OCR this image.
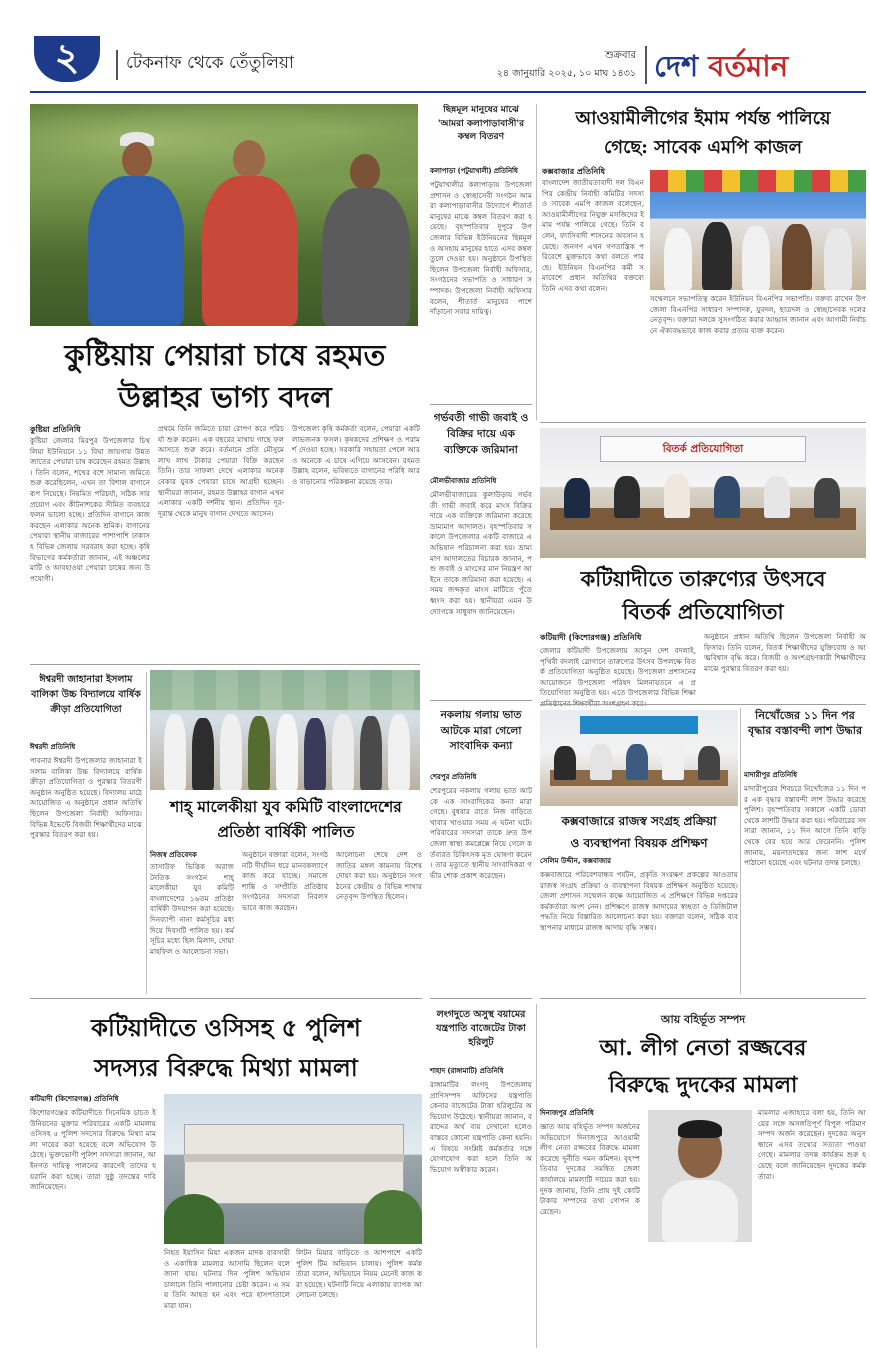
২	টেকনাফ থেকে তেঁতুলিয়া	শুক্রবার
২৪ জানুয়ারি ২০২৫, ১০ মাঘ ১৪৩১ দেশ বর্তমান
কুষ্টিয়ায় পেয়ারা চাষে রহমত
উল্লাহর ভাগ্য বদল
কুষ্টিয়া প্রতিনিধি
কুষ্টিয়া জেলার মিরপুর উপজেলার চিথলিয়া ইউনিয়নে ১১ বিঘা জায়গায় উন্নত জাতের পেয়ারা চাষ করেছেন রহমত উল্লাহ। তিনি বলেন, শখের বশে সামান্য জমিতে শুরু করেছিলেন, এখন তা বিশাল বাগানে রূপ নিয়েছে। নিয়মিত পরিচর্যা, সঠিক সার প্রয়োগ এবং কীটনাশকের সীমিত ব্যবহারে ফলন ভালো হচ্ছে। প্রতিদিন বাগানে কাজ করছেন এলাকার অনেক শ্রমিক। বাগানের পেয়ারা স্থানীয় বাজারের পাশাপাশি ঢাকাসহ বিভিন্ন জেলায় সরবরাহ করা হচ্ছে। কৃষি বিভাগের কর্মকর্তারা জানান, এই অঞ্চলের মাটি ও আবহাওয়া পেয়ারা চাষের জন্য উপযোগী।
প্রথমে তিনি জমিতে চারা রোপণ করে পরিচর্যা শুরু করেন। এক বছরের মাথায় গাছে ফল আসতে শুরু করে। বর্তমানে প্রতি মৌসুমে লাখ লাখ টাকার পেয়ারা বিক্রি করছেন তিনি। তার সাফল্য দেখে এলাকার অনেক বেকার যুবক পেয়ারা চাষে আগ্রহী হচ্ছেন। স্থানীয়রা জানান, রহমত উল্লাহর বাগান এখন এলাকার একটি দর্শনীয় স্থান। প্রতিদিন দূর-দূরান্ত থেকে মানুষ বাগান দেখতে আসেন।
উপজেলা কৃষি কর্মকর্তা বলেন, পেয়ারা একটি লাভজনক ফসল। কৃষকদের প্রশিক্ষণ ও পরামর্শ দেওয়া হচ্ছে। সরকারি সহায়তা পেলে আরও অনেকে এ চাষে এগিয়ে আসবেন। রহমত উল্লাহ বলেন, ভবিষ্যতে বাগানের পরিধি আরও বাড়ানোর পরিকল্পনা রয়েছে তার।
ছিন্নমূল মানুষের মাঝে 'আমরা কলাপাড়াবাসী'র কম্বল বিতরণ
কলাপাড়া (পটুয়াখালী) প্রতিনিধি
পটুয়াখালীর কলাপাড়ায় উপজেলা প্রশাসন ও স্বেচ্ছাসেবী সংগঠন আমরা কলাপাড়াবাসীর উদ্যোগে শীতার্ত মানুষের মাঝে কম্বল বিতরণ করা হয়েছে। বৃহস্পতিবার দুপুরে উপজেলার বিভিন্ন ইউনিয়নের ছিন্নমূল ও অসহায় মানুষের হাতে এসব কম্বল তুলে দেওয়া হয়। অনুষ্ঠানে উপস্থিত ছিলেন উপজেলা নির্বাহী অফিসার, সংগঠনের সভাপতি ও সাধারণ সম্পাদক। উপজেলা নির্বাহী অফিসার বলেন, শীতার্ত মানুষের পাশে দাঁড়ানো সবার দায়িত্ব।
গর্ভবতী গাভী জবাই ও বিক্রির দায়ে এক ব্যক্তিকে জরিমানা
মৌলভীবাজার প্রতিনিধি
মৌলভীবাজারের কুলাউড়ায় গর্ভবতী গাভী জবাই করে মাংস বিক্রির দায়ে এক ব্যক্তিকে জরিমানা করেছে ভ্রাম্যমাণ আদালত। বৃহস্পতিবার সকালে উপজেলার একটি বাজারে এ অভিযান পরিচালনা করা হয়। ভ্রাম্যমাণ আদালতের বিচারক জানান, পশু জবাই ও মাংসের মান নিয়ন্ত্রণ আইনে তাকে জরিমানা করা হয়েছে। এ সময় জব্দকৃত মাংস মাটিতে পুঁতে ধ্বংস করা হয়। স্থানীয়রা এমন উদ্যোগকে সাধুবাদ জানিয়েছেন।
আওয়ামীলীগের ইমাম পর্যন্ত পালিয়ে
গেছে: সাবেক এমপি কাজল
কক্সবাজার প্রতিনিধি
বাংলাদেশ জাতীয়তাবাদী দল বিএনপির কেন্দ্রীয় নির্বাহী কমিটির সদস্য ও সাবেক এমপি কাজল বলেছেন, আওয়ামীলীগের নিযুক্ত মসজিদের ইমাম পর্যন্ত পালিয়ে গেছে। তিনি বলেন, ফ্যাসিবাদী শাসনের অবসান হয়েছে। জনগণ এখন গণতান্ত্রিক পরিবেশে মুক্তভাবে কথা বলতে পারছে। ইউনিয়ন বিএনপির কর্মী সমাবেশে প্রধান অতিথির বক্তব্যে তিনি এসব কথা বলেন।
সম্মেলনে সভাপতিত্ব করেন ইউনিয়ন বিএনপির সভাপতি। বক্তব্য রাখেন উপজেলা বিএনপির সাধারণ সম্পাদক, যুবদল, ছাত্রদল ও স্বেচ্ছাসেবক দলের নেতৃবৃন্দ। বক্তারা দলকে সুসংগঠিত করার আহ্বান জানান এবং আগামী নির্বাচনে ঐক্যবদ্ধভাবে কাজ করার প্রত্যয় ব্যক্ত করেন।
বিতর্ক প্রতিযোগিতা
কটিয়াদীতে তারুণ্যের উৎসবে
বিতর্ক প্রতিযোগিতা
কটিয়াদী (কিশোরগঞ্জ) প্রতিনিধি
জেলার কটিয়াদী উপজেলায় আসুন দেশ বদলাই, পৃথিবী বদলাই স্লোগানে তারুণ্যের উৎসব উপলক্ষে বিতর্ক প্রতিযোগিতা অনুষ্ঠিত হয়েছে। উপজেলা প্রশাসনের আয়োজনে উপজেলা পরিষদ মিলনায়তনে এ প্রতিযোগিতা অনুষ্ঠিত হয়। এতে উপজেলার বিভিন্ন শিক্ষা
অনুষ্ঠানে প্রধান অতিথি ছিলেন উপজেলা নির্বাহী অফিসার। তিনি বলেন, বিতর্ক শিক্ষার্থীদের যুক্তিবোধ ও আত্মবিশ্বাস বৃদ্ধি করে। বিজয়ী ও অংশগ্রহণকারী শিক্ষার্থীদের মাঝে পুরস্কার বিতরণ করা হয়।
ঈশ্বরদী জাহানারা ইসলাম বালিকা উচ্চ বিদ্যালয়ে বার্ষিক ক্রীড়া প্রতিযোগিতা
ঈশ্বরদী প্রতিনিধি
পাবনার ঈশ্বরদী উপজেলার জাহানারা ইসলাম বালিকা উচ্চ বিদ্যালয়ে বার্ষিক ক্রীড়া প্রতিযোগিতা ও পুরস্কার বিতরণী অনুষ্ঠান অনুষ্ঠিত হয়েছে। বিদ্যালয় মাঠে আয়োজিত এ অনুষ্ঠানে প্রধান অতিথি ছিলেন উপজেলা নির্বাহী অফিসার। বিভিন্ন ইভেন্টে বিজয়ী শিক্ষার্থীদের মাঝে পুরস্কার বিতরণ করা হয়।
শাহ্ মালেকীয়া যুব কমিটি বাংলাদেশের
প্রতিষ্ঠা বার্ষিকী পালিত
নিজস্ব প্রতিবেদক
তাসাউফ ভিত্তিক অরাজনৈতিক সংগঠন শাহ্ মালেকীয়া যুব কমিটি বাংলাদেশের ১৬তম প্রতিষ্ঠা বার্ষিকী উদযাপন করা হয়েছে। দিনব্যাপী নানা কর্মসূচির মধ্য দিয়ে দিবসটি পালিত হয়। কর্মসূচির মধ্যে ছিল মিলাদ, দোয়া মাহফিল ও আলোচনা সভা।
অনুষ্ঠানে বক্তারা বলেন, সংগঠনটি দীর্ঘদিন ধরে মানবকল্যাণে কাজ করে যাচ্ছে। সমাজে শান্তি ও সম্প্রীতি প্রতিষ্ঠায় সংগঠনের সদস্যরা নিরলসভাবে কাজ করছেন।
আলোচনা শেষে দেশ ও জাতির মঙ্গল কামনায় বিশেষ দোয়া করা হয়। অনুষ্ঠানে সংগঠনের কেন্দ্রীয় ও বিভিন্ন শাখার নেতৃবৃন্দ উপস্থিত ছিলেন।
নকলায় গলায় ভাত আটকে মারা গেলো সাংবাদিক কন্যা
শেরপুর প্রতিনিধি
শেরপুরের নকলায় গলায় ভাত আটকে এক সাংবাদিকের কন্যা মারা গেছে। বুধবার রাতে নিজ বাড়িতে খাবার খাওয়ার সময় এ ঘটনা ঘটে। পরিবারের সদস্যরা তাকে দ্রুত উপজেলা স্বাস্থ্য কমপ্লেক্সে নিয়ে গেলে কর্তব্যরত চিকিৎসক মৃত ঘোষণা করেন। তার মৃত্যুতে স্থানীয় সাংবাদিকরা গভীর শোক প্রকাশ করেছেন।
নিখোঁজের ১১ দিন পর বৃদ্ধার বস্তাবন্দী লাশ উদ্ধার
মাদারীপুর প্রতিনিধি
মাদারীপুরের শিবচরে নিখোঁজের ১১ দিন পর এক বৃদ্ধার বস্তাবন্দী লাশ উদ্ধার করেছে পুলিশ। বৃহস্পতিবার সকালে একটি ডোবা থেকে লাশটি উদ্ধার করা হয়। পরিবারের সদস্যরা জানান, ১১ দিন আগে তিনি বাড়ি থেকে বের হয়ে আর ফেরেননি। পুলিশ জানায়, ময়নাতদন্তের জন্য লাশ মর্গে পাঠানো হয়েছে এবং ঘটনার তদন্ত চলছে।
কক্সবাজারে রাজস্ব সংগ্রহ প্রক্রিয়া
ও ব্যবস্থাপনা বিষয়ক প্রশিক্ষণ
সেলিম উদ্দীন, কক্সবাজার
কক্সবাজারে পরিবেশবান্ধব পর্যটন, প্রকৃতি সংরক্ষণ প্রকল্পের আওতায় রাজস্ব সংগ্রহ প্রক্রিয়া ও ব্যবস্থাপনা বিষয়ক প্রশিক্ষণ অনুষ্ঠিত হয়েছে। জেলা প্রশাসন সম্মেলন কক্ষে আয়োজিত এ প্রশিক্ষণে বিভিন্ন দপ্তরের কর্মকর্তারা অংশ নেন। প্রশিক্ষণে রাজস্ব আদায়ের স্বচ্ছতা ও ডিজিটাল পদ্ধতি নিয়ে বিস্তারিত আলোচনা করা হয়। বক্তারা বলেন, সঠিক ব্যবস্থাপনার মাধ্যমে রাজস্ব আদায় বৃদ্ধি সম্ভব।
কটিয়াদীতে ওসিসহ ৫ পুলিশ
সদস্যর বিরুদ্ধে মিথ্যা মামলা
কটিয়াদী (কিশোরগঞ্জ) প্রতিনিধি
কিশোরগঞ্জের কটিয়াদীতে সিনেমিক চাচত ইউনিয়নের মুক্তার পরিবারের একটি মামলায় ওসিসহ ৫ পুলিশ সদস্যের বিরুদ্ধে মিথ্যা মামলা দায়ের করা হয়েছে বলে অভিযোগ উঠেছে। ভুক্তভোগী পুলিশ সদস্যরা জানান, আইনগত দায়িত্ব পালনের কারণেই তাদের হয়রানি করা হচ্ছে। তারা সুষ্ঠু তদন্তের দাবি জানিয়েছেন।
নিহত ইয়াসিন মিয়া একজন মাদক ব্যবসায়ী ও একাধিক মামলার আসামি ছিলেন বলে জানা যায়। ঘটনার দিন পুলিশ অভিযান চালালে তিনি পালানোর চেষ্টা করেন। এ সময় তিনি আহত হন এবং পরে হাসপাতালে মারা যান।
লিটন মিয়ার বাড়িতে ও আশপাশে একটি পুলিশ টিম অভিযান চালায়। পুলিশ কর্মকর্তারা বলেন, অভিযানে নিয়ম মেনেই কাজ করা হয়েছে। ঘটনাটি নিয়ে এলাকায় ব্যাপক আলোচনা চলছে।
লংগদুতে অসুস্থ বয়ামের যন্ত্রপাতি বাজেটের টাকা হরিলুট
শাহাদ (রাঙ্গামাটি) প্রতিনিধি
রাঙ্গামাটির লংগদু উপজেলায় প্রাণিসম্পদ অফিসের যন্ত্রপাতি কেনার বাজেটের টাকা হরিলুটের অভিযোগ উঠেছে। স্থানীয়রা জানান, বরাদ্দের অর্থ ব্যয় দেখানো হলেও বাস্তবে কোনো যন্ত্রপাতি কেনা হয়নি। এ বিষয়ে সংশ্লিষ্ট কর্মকর্তার সঙ্গে যোগাযোগ করা হলে তিনি অভিযোগ অস্বীকার করেন।
আয় বহির্ভূত সম্পদ
আ. লীগ নেতা রজ্জবের
বিরুদ্ধে দুদকের মামলা
দিনাজপুর প্রতিনিধি
জ্ঞাত আয় বহির্ভূত সম্পদ অর্জনের অভিযোগে দিনাজপুরে আওয়ামী লীগ নেতা রজ্জবের বিরুদ্ধে মামলা করেছে দুর্নীতি দমন কমিশন। বৃহস্পতিবার দুদকের সমন্বিত জেলা কার্যালয়ে মামলাটি দায়ের করা হয়। দুদক জানায়, তিনি প্রায় দুই কোটি টাকার সম্পদের তথ্য গোপন করেছেন।
মামলার এজাহারে বলা হয়, তিনি আয়ের সঙ্গে অসঙ্গতিপূর্ণ বিপুল পরিমাণ সম্পদ অর্জন করেছেন। দুদকের অনুসন্ধানে এসব তথ্যের সত্যতা পাওয়া গেছে। মামলার তদন্ত কার্যক্রম শুরু হয়েছে বলে জানিয়েছেন দুদকের কর্মকর্তারা।
